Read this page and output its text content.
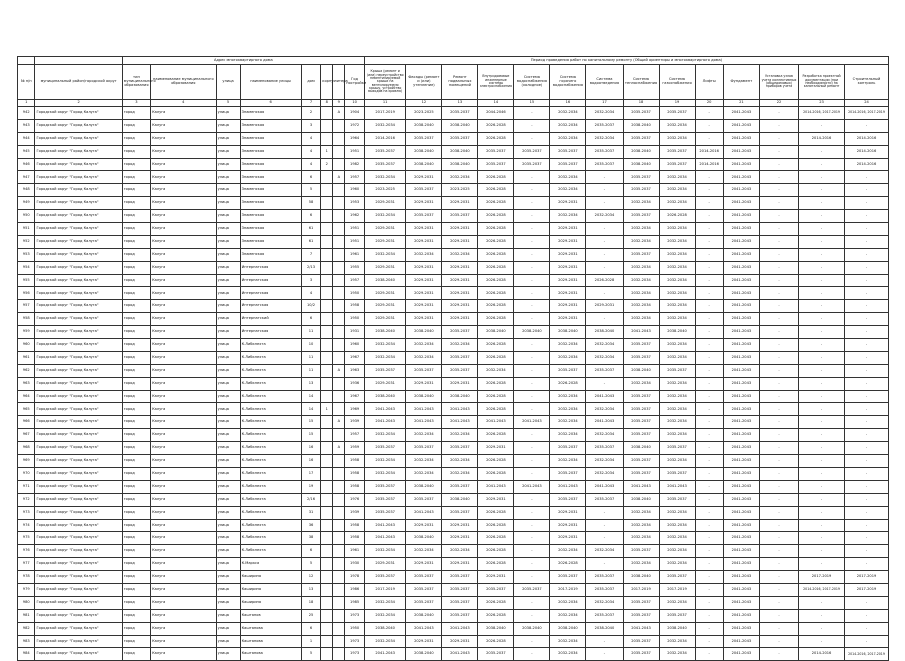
		Адрес многоквартирного дома								Период проведения работ по капитальному ремонту (Общий ориентиры и многоквартирного дома)													
№ п/п	муниципальный район/городской округ	тип муниципального образования	наименование муниципального образования	улица	наименование улицы	дом	корпус	литера	Год постройки	Крыша (ремонт и (или) переустройство невентилируемой крыши на вентилируемую крышу, устройство выходов на кровлю)	Фасады (ремонт и (или) утепление)	Ремонт подвальных помещений	Внутридомовые инженерные системы электроснабжения	Система водоснабжения (холодное)	Система горячего водоснабжения	Система водоотведения	Система теплоснабжения	Система газоснабжения	Лифты	Фундамент	Установка узлов учета коллективных (общедомовых) приборов учета	Разработка проектной документации (при необходимости) на капитальный ремонт	Строительный контроль
1	2	3	4	5	6	7	8	9	10	11	12	13	14	15	16	17	18	19	20	21	22	23	24
942	Городской округ "Город Калуга"	город	Калуга	улица	Знаменская	2		А	1904	2017-2019	2023-2025	2035-2037	2044-2046	-	2032-2034	2032-2034	2035-2037	2035-2037	-	2041-2043	-	2014-2016, 2017-2019	2014-2016, 2017-2019
943	Городской округ "Город Калуга"	город	Калуга	улица	Знаменская	3			1972	2032-2034	2038-2040	2038-2040	2026-2028	-	2032-2034	2035-2037	2038-2040	2032-2034	-	2041-2043	-	-	-
944	Городской округ "Город Калуга"	город	Калуга	улица	Знаменская	4			1964	2014-2016	2035-2037	2035-2037	2026-2028	-	2032-2034	2032-2034	2035-2037	2032-2034	-	2041-2043	-	2014-2016	2014-2016
945	Городской округ "Город Калуга"	город	Калуга	улица	Знаменская	4	1		1951	2035-2037	2038-2040	2038-2040	2035-2037	2035-2037	2035-2037	2035-2037	2038-2040	2035-2037	2014-2016	2041-2043	-	-	2014-2016
946	Городской округ "Город Калуга"	город	Калуга	улица	Знаменская	4	2		1982	2035-2037	2038-2040	2038-2040	2035-2037	2035-2037	2035-2037	2035-2037	2038-2040	2035-2037	2014-2016	2041-2043	-	-	2014-2016
947	Городской округ "Город Калуга"	город	Калуга	улица	Знаменская	6		А	1957	2032-2034	2029-2031	2032-2034	2026-2028	-	2032-2034	-	2035-2037	2032-2034	-	2041-2043	-	-	-
948	Городской округ "Город Калуга"	город	Калуга	улица	Знаменская	5			1960	2023-2025	2035-2037	2023-2025	2026-2028	-	2032-2034	-	2035-2037	2032-2034	-	2041-2043	-	-	-
949	Городской округ "Город Калуга"	город	Калуга	улица	Знаменская	58			1953	2029-2031	2029-2031	2029-2031	2026-2028	-	2029-2031	-	2032-2034	2032-2034	-	2041-2043	-	-	-
950	Городской округ "Город Калуга"	город	Калуга	улица	Знаменская	6			1962	2032-2034	2035-2037	2035-2037	2026-2028	-	2032-2034	2032-2034	2035-2037	2026-2028	-	2041-2043	-	-	-
951	Городской округ "Город Калуга"	город	Калуга	улица	Знаменская	61			1951	2029-2031	2029-2031	2029-2031	2026-2028	-	2029-2031	-	2032-2034	2032-2034	-	2041-2043	-	-	-
952	Городской округ "Город Калуга"	город	Калуга	улица	Знаменская	61			1951	2029-2031	2029-2031	2029-2031	2026-2028	-	2029-2031	-	2032-2034	2032-2034	-	2041-2043	-	-	-
953	Городской округ "Город Калуга"	город	Калуга	улица	Знаменская	7			1961	2032-2034	2032-2034	2032-2034	2026-2028	-	2029-2031	-	2035-2037	2032-2034	-	2041-2043	-	-	-
954	Городской округ "Город Калуга"	город	Калуга	улица	Интернатская	2/13			1955	2029-2031	2029-2031	2029-2031	2026-2028	-	2029-2031	-	2032-2034	2032-2034	-	2041-2043	-	-	-
955	Городской округ "Город Калуга"	город	Калуга	улица	Интернатская	3			1957	2038-2040	2029-2031	2029-2031	2026-2028	-	2029-2031	2026-2028	2032-2034	2032-2034	-	2041-2043	-	-	-
956	Городской округ "Город Калуга"	город	Калуга	улица	Интернатская	4			1950	2029-2031	2029-2031	2029-2031	2026-2028	-	2029-2031	-	2032-2034	2032-2034	-	2041-2043	-	-	-
957	Городской округ "Город Калуга"	город	Калуга	улица	Интернатская	10/2			1958	2029-2031	2029-2031	2029-2031	2026-2028	-	2029-2031	2029-2031	2032-2034	2032-2034	-	2041-2043	-	-	-
958	Городской округ "Город Калуга"	город	Калуга	улица	Интернатский	6			1950	2029-2031	2029-2031	2029-2031	2026-2028	-	2029-2031	-	2032-2034	2032-2034	-	2041-2043	-	-	-
959	Городской округ "Город Калуга"	город	Калуга	улица	Интернатская	11			1931	2038-2040	2038-2040	2035-2037	2038-2040	2038-2040	2038-2040	2038-2040	2041-2043	2038-2040	-	2041-2043	-	-	-
960	Городской округ "Город Калуга"	город	Калуга	улица	К.Либкнехта	10			1960	2032-2034	2032-2034	2032-2034	2026-2028	-	2032-2034	2032-2034	2035-2037	2032-2034	-	2041-2043	-	-	-
961	Городской округ "Город Калуга"	город	Калуга	улица	К.Либкнехта	11			1967	2032-2034	2032-2034	2035-2037	2026-2028	-	2032-2034	2032-2034	2035-2037	2032-2034	-	2041-2043	-	-	-
962	Городской округ "Город Калуга"	город	Калуга	улица	К.Либкнехта	11		А	1963	2035-2037	2035-2037	2035-2037	2032-2034	-	2035-2037	2035-2037	2038-2040	2035-2037	-	2041-2043	-	-	-
963	Городской округ "Город Калуга"	город	Калуга	улица	К.Либкнехта	13			1936	2029-2031	2029-2031	2029-2031	2026-2028	-	2026-2028	-	2032-2034	2032-2034	-	2041-2043	-	-	-
964	Городской округ "Город Калуга"	город	Калуга	улица	К.Либкнехта	14			1967	2038-2040	2038-2040	2038-2040	2026-2028	-	2032-2034	2041-2043	2035-2037	2032-2034	-	2041-2043	-	-	-
965	Городской округ "Город Калуга"	город	Калуга	улица	К.Либкнехта	14	1		1969	2041-2043	2041-2043	2041-2043	2026-2028	-	2032-2034	2032-2034	2035-2037	2032-2034	-	2041-2043	-	-	-
966	Городской округ "Город Калуга"	город	Калуга	улица	К.Либкнехта	15		А	1939	2041-2043	2041-2043	2041-2043	2041-2043	2041-2043	2032-2034	2041-2043	2035-2037	2032-2034	-	2041-2043	-	-	-
967	Городской округ "Город Калуга"	город	Калуга	улица	К.Либкнехта	15			1957	2032-2034	2032-2034	2032-2034	2026-2028	-	2032-2034	2032-2034	2035-2037	2032-2034	-	2041-2043	-	-	-
968	Городской округ "Город Калуга"	город	Калуга	улица	К.Либкнехта	16		А	1959	2035-2037	2035-2037	2035-2037	2029-2031	-	2035-2037	2035-2037	2038-2040	2035-2037	-	2041-2043	-	-	-
969	Городской округ "Город Калуга"	город	Калуга	улица	К.Либкнехта	16			1958	2032-2034	2032-2034	2032-2034	2026-2028	-	2032-2034	2032-2034	2035-2037	2032-2034	-	2041-2043	-	-	-
970	Городской округ "Город Калуга"	город	Калуга	улица	К.Либкнехта	17			1958	2032-2034	2032-2034	2032-2034	2026-2028	-	2035-2037	2032-2034	2035-2037	2035-2037	-	2041-2043	-	-	-
971	Городской округ "Город Калуга"	город	Калуга	улица	К.Либкнехта	19			1958	2035-2037	2038-2040	2035-2037	2041-2043	2041-2043	2041-2043	2041-2043	2041-2043	2041-2043	-	2041-2043	-	-	-
972	Городской округ "Город Калуга"	город	Калуга	улица	К.Либкнехта	2/16			1976	2035-2037	2035-2037	2038-2040	2029-2031	-	2035-2037	2035-2037	2038-2040	2035-2037	-	2041-2043	-	-	-
973	Городской округ "Город Калуга"	город	Калуга	улица	К.Либкнехта	31			1939	2035-2037	2041-2043	2035-2037	2026-2028	-	2029-2031	-	2032-2034	2032-2034	-	2041-2043	-	-	-
974	Городской округ "Город Калуга"	город	Калуга	улица	К.Либкнехта	36			1958	2041-2043	2029-2031	2029-2031	2026-2028	-	2029-2031	-	2032-2034	2032-2034	-	2041-2043	-	-	-
975	Городской округ "Город Калуга"	город	Калуга	улица	К.Либкнехта	38			1958	2041-2043	2038-2040	2029-2031	2026-2028	-	2029-2031	-	2032-2034	2032-2034	-	2041-2043	-	-	-
976	Городской округ "Город Калуга"	город	Калуга	улица	К.Либкнехта	6			1961	2032-2034	2032-2034	2032-2034	2026-2028	-	2032-2034	2032-2034	2035-2037	2032-2034	-	2041-2043	-	-	-
977	Городской округ "Город Калуга"	город	Калуга	улица	К.Маркса	5			1930	2029-2031	2029-2031	2029-2031	2026-2028	-	2026-2028	-	2032-2034	2032-2034	-	2041-2043	-	-	-
978	Городской округ "Город Калуга"	город	Калуга	улица	Каширина	12			1978	2035-2037	2035-2037	2035-2037	2029-2031	-	2035-2037	2035-2037	2038-2040	2035-2037	-	2041-2043	-	2017-2019	2017-2019
979	Городской округ "Город Калуга"	город	Калуга	улица	Каширина	13			1986	2017-2019	2035-2037	2035-2037	2035-2037	2035-2037	2017-2019	2035-2037	2017-2019	2017-2019	-	2041-2043	-	2014-2016, 2017-2019	2017-2019
980	Городской округ "Город Калуга"	город	Калуга	улица	Каширина	18			1985	2032-2034	2035-2037	2035-2037	2026-2028	-	2032-2034	2032-2034	2035-2037	2032-2034	-	2041-2043	-	-	-
981	Городской округ "Город Калуга"	город	Калуга	улица	Каштанов	25			1973	2032-2034	2038-2040	2035-2037	2026-2028	-	2032-2034	2035-2037	2035-2037	2035-2037	-	2041-2043	-	-	-
982	Городской округ "Город Калуга"	город	Калуга	улица	Каштанова	6			1950	2038-2040	2041-2043	2041-2043	2038-2040	2038-2040	2038-2040	2038-2040	2041-2043	2038-2040	-	2041-2043	-	-	-
983	Городской округ "Город Калуга"	город	Калуга	улица	Каштанова	1			1973	2032-2034	2029-2031	2029-2031	2026-2028	-	2032-2034	-	2035-2037	2032-2034	-	2041-2043	-	-	-
984	Городской округ "Город Калуга"	город	Калуга	улица	Каштанова	5			1973	2041-2043	2038-2040	2041-2043	2035-2037	-	2032-2034	-	2035-2037	2032-2034	-	2041-2043	-	2014-2016	2014-2016, 2017-2019
